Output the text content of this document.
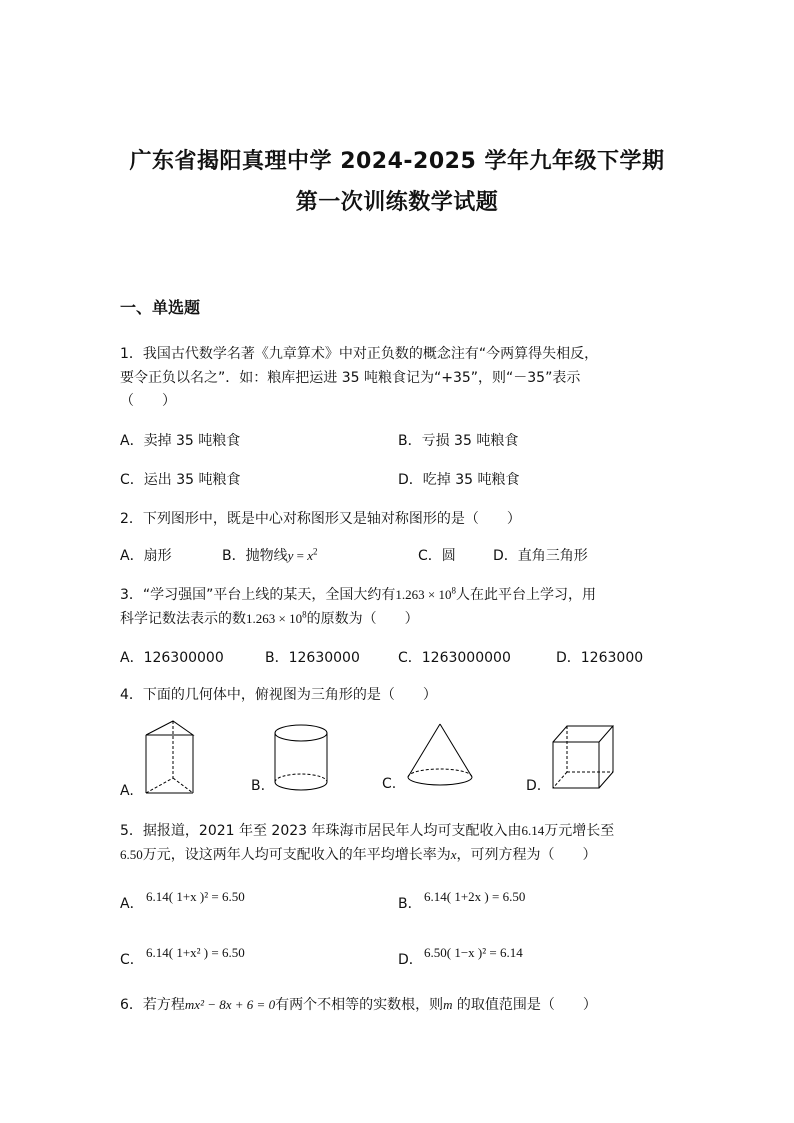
广东省揭阳真理中学 2024-2025 学年九年级下学期
第一次训练数学试题
一、单选题
1．我国古代数学名著《九章算术》中对正负数的概念注有“今两算得失相反，
要令正负以名之”．如：粮库把运进 35 吨粮食记为“+35”，则“－35”表示
（　　）
A．卖掉 35 吨粮食	B．亏损 35 吨粮食
C．运出 35 吨粮食	D．吃掉 35 吨粮食
2．下列图形中，既是中心对称图形又是轴对称图形的是（　　）
A．扇形	B．抛物线$y = x^2$	C．圆	D．直角三角形
3．“学习强国”平台上线的某天，全国大约有$1.263 \times 10^8$人在此平台上学习，用
科学记数法表示的数$1.263 \times 10^8$的原数为（　　）
A．126300000	B．12630000	C．1263000000	D．1263000
4．下面的几何体中，俯视图为三角形的是（　　）
A.	B.	C.	D.
5．据报道，2021 年至 2023 年珠海市居民年人均可支配收入由6.14万元增长至
6.50万元，设这两年人均可支配收入的年平均增长率为x，可列方程为（　　）
A． 6.14( 1+x )² = 6.50	B． 6.14( 1+2x ) = 6.50
C． 6.14( 1+x² ) = 6.50	D． 6.50( 1−x )² = 6.14
6．若方程mx² − 8x + 6 = 0有两个不相等的实数根，则m 的取值范围是（　　）
